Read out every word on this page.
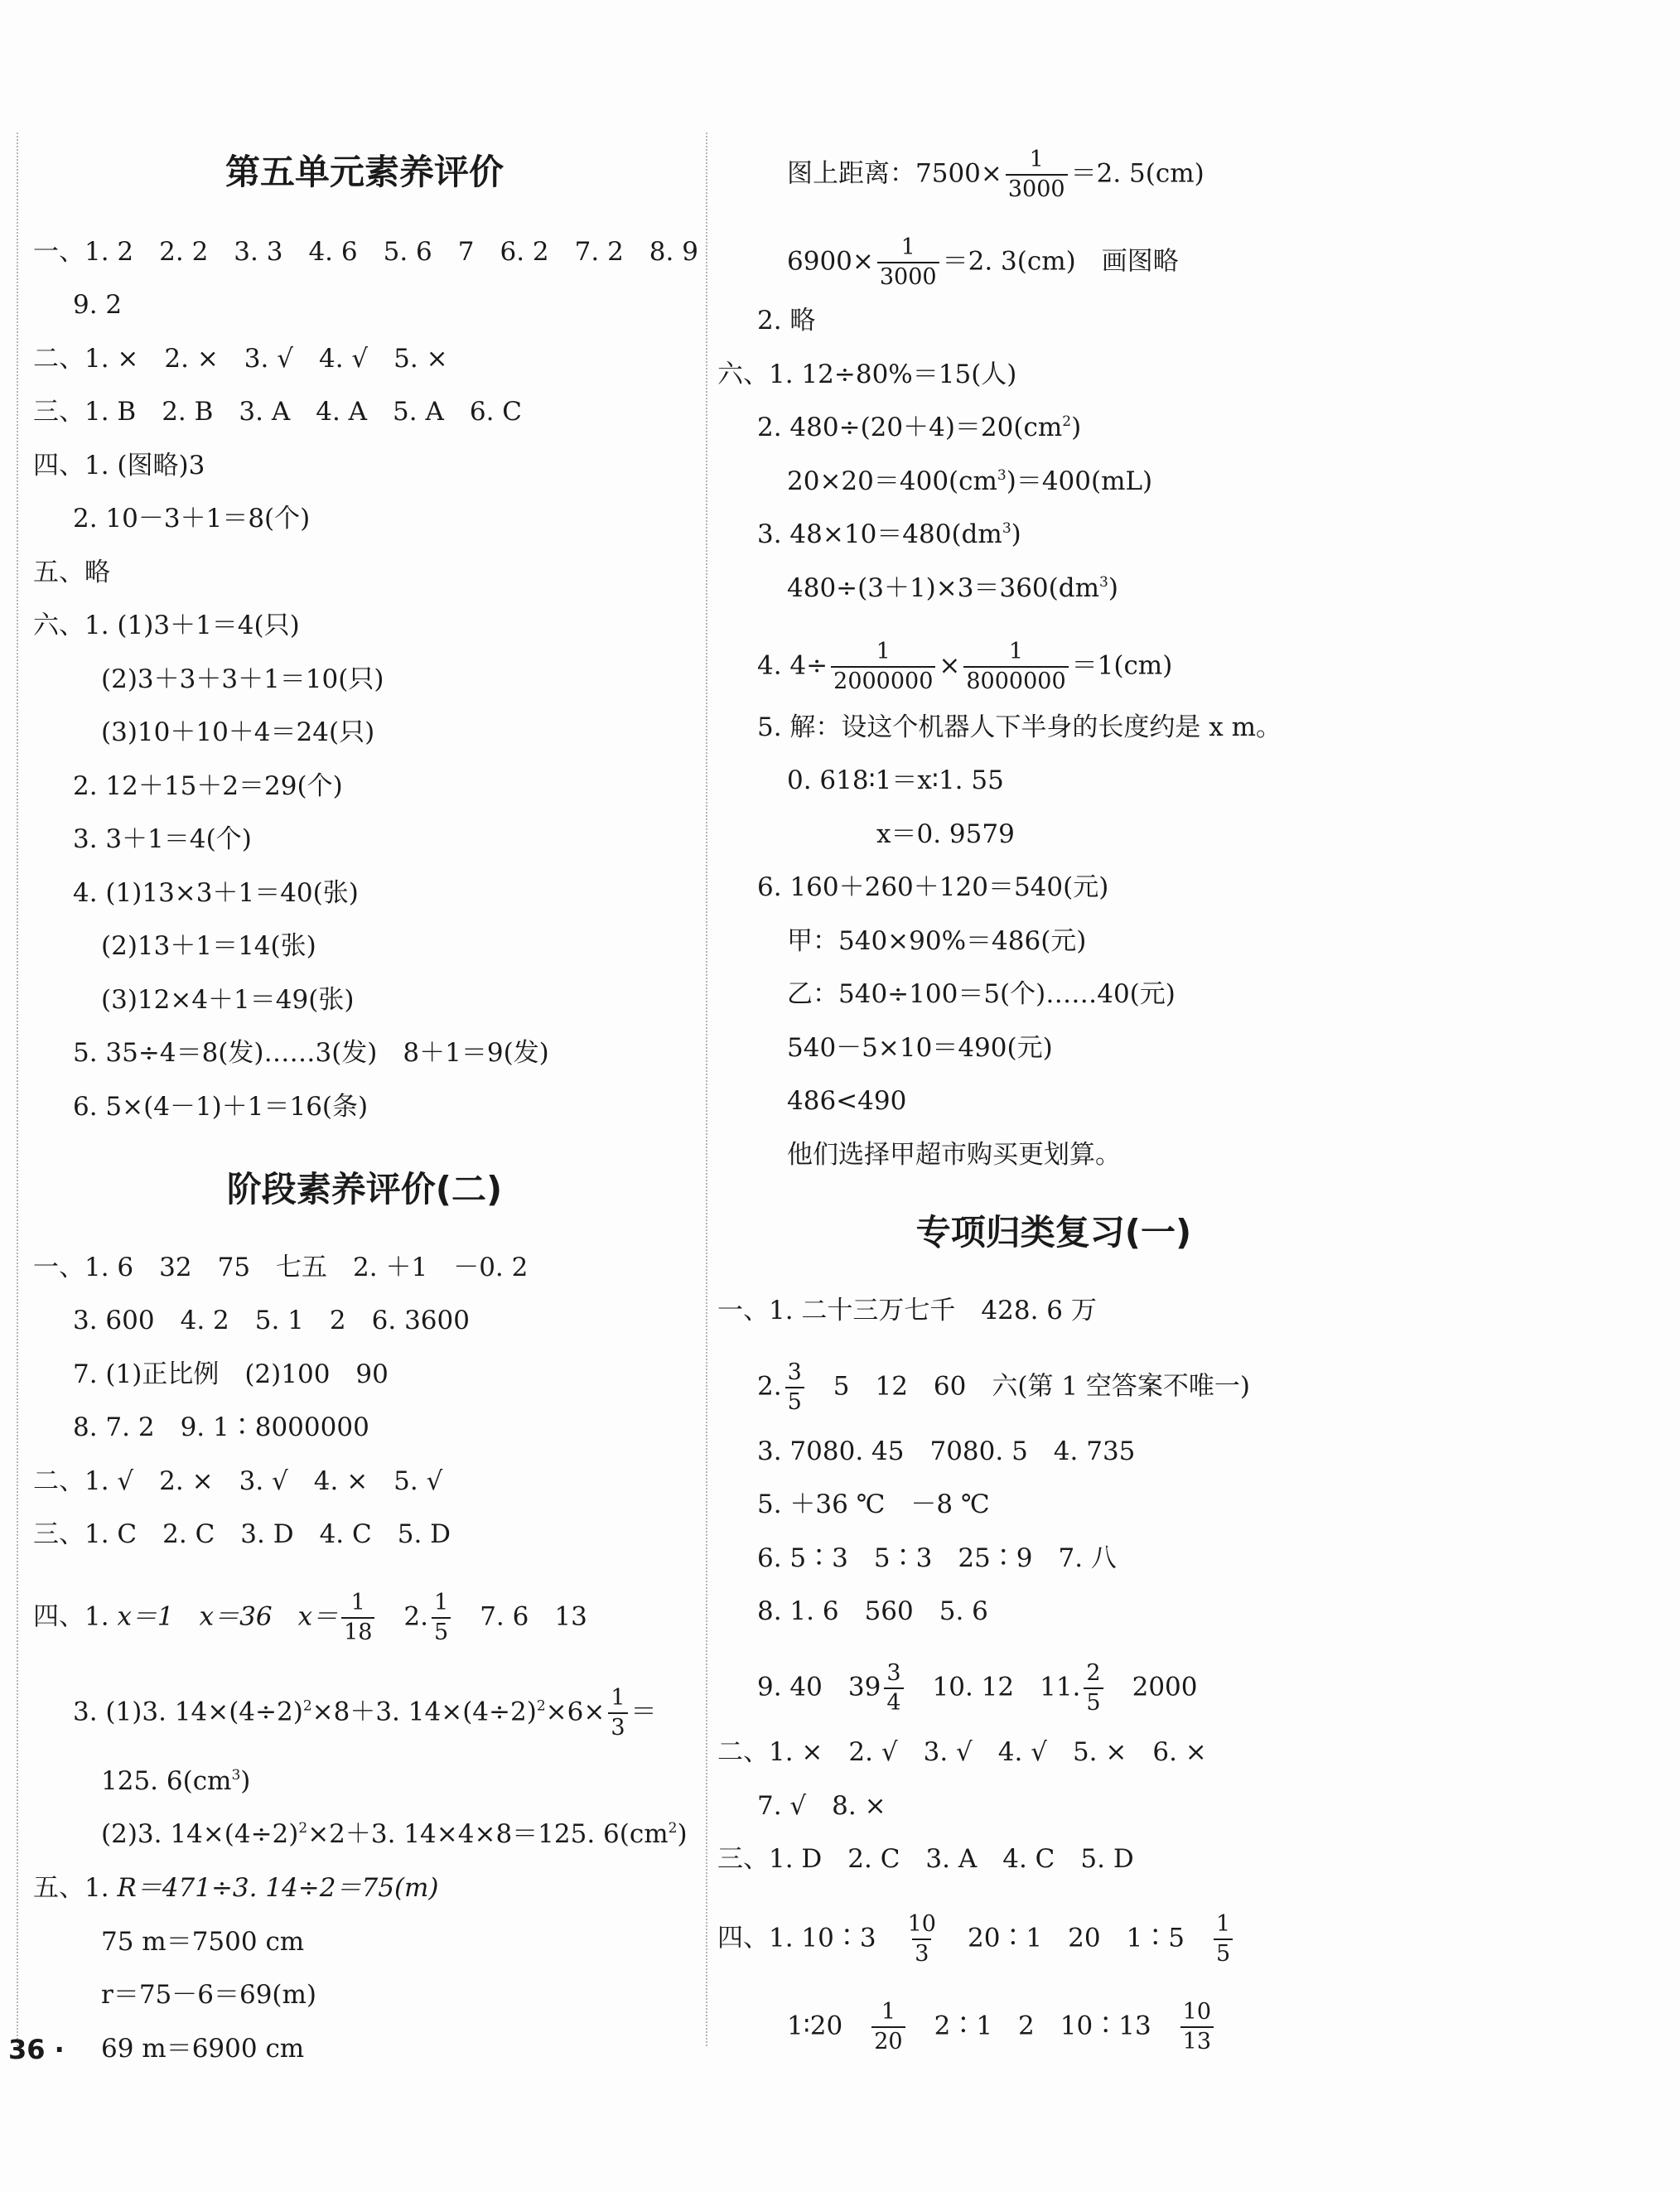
第五单元素养评价
一、1. 2　2. 2　3. 3　4. 6　5. 6　7　6. 2　7. 2　8. 9
9. 2
二、1. ×　2. ×　3. √　4. √　5. ×
三、1. B　2. B　3. A　4. A　5. A　6. C
四、1. (图略)3
2. 10－3＋1＝8(个)
五、略
六、1. (1)3＋1＝4(只)
(2)3＋3＋3＋1＝10(只)
(3)10＋10＋4＝24(只)
2. 12＋15＋2＝29(个)
3. 3＋1＝4(个)
4. (1)13×3＋1＝40(张)
(2)13＋1＝14(张)
(3)12×4＋1＝49(张)
5. 35÷4＝8(发)……3(发)　8＋1＝9(发)
6. 5×(4－1)＋1＝16(条)
阶段素养评价(二)
一、1. 6　32　75　七五　2. ＋1　－0. 2
3. 600　4. 2　5. 1　2　6. 3600
7. (1)正比例　(2)100　90
8. 7. 2　9. 1∶8000000
二、1. √　2. ×　3. √　4. ×　5. √
三、1. C　2. C　3. D　4. C　5. D
四、1. x＝1　x＝36　$x= \frac{1}{18}$
　 2. $\frac{1}{5}$
　 7. 6　13
3. (1)3. $14\times(4\div 2)^2\times 8+3$. $14\times(4\div 2)^2\times 6\times \frac{1}{3}$ ＝
125. $6(cm^3)$
(2)3. $14\times(4\div 2)^2\times 2+3$. 14×4×8＝125. $6(cm^2)$
五、1. R＝471÷3. 14÷2＝75(m)
75 m＝7500 cm
r＝75－6＝69(m)
69 m＝6900 cm
图上距离：$7500\times \frac{1}{3000} =2$. 5(cm)
$6900\times \frac{1}{3000} =2$. 3(cm)　画图略
2. 略
六、1. 12÷80%＝15(人)
2. $480\div(20+4)=20(cm^2)$
$20\times 20=400(cm^3)=400(mL)$
3. $48\times 10=480(dm^3)$
$480\div(3+1)\times 3=360(dm^3)$
4. $4\div \frac{1}{2000000} \times \frac{1}{8000000} =1(cm)$
5. 解：设这个机器人下半身的长度约是 x m。
0. 618∶1＝x∶1. 55
x＝0. 9579
6. 160＋260＋120＝540(元)
甲：540×90%＝486(元)
乙：540÷100＝5(个)……40(元)
540－5×10＝490(元)
486<490
他们选择甲超市购买更划算。
专项归类复习(一)
一、1. 二十三万七千　428. 6 万
2. $\frac{3}{5}$
　 5　12　60　六(第 1 空答案不唯一)
3. 7080. 45　7080. 5　4. 735
5. ＋36 ℃　－8 ℃
6. 5∶3　5∶3　25∶9　7. 八
8. 1. 6　560　5. 6
9. 40　$39 \frac{3}{4}$
　 10. 12　11. $\frac{2}{5}$
　 2000
二、1. ×　2. √　3. √　4. √　5. ×　6. ×
7. √　8. ×
三、1. D　2. C　3. A　4. C　5. D
四、1. 10∶3　 $\frac{10}{3}$
　 20∶1　20　1∶5　 $\frac{1}{5}$
1∶20　 $\frac{1}{20}$
　 2∶1　2　10∶13　 $\frac{10}{13}$
36 ·
